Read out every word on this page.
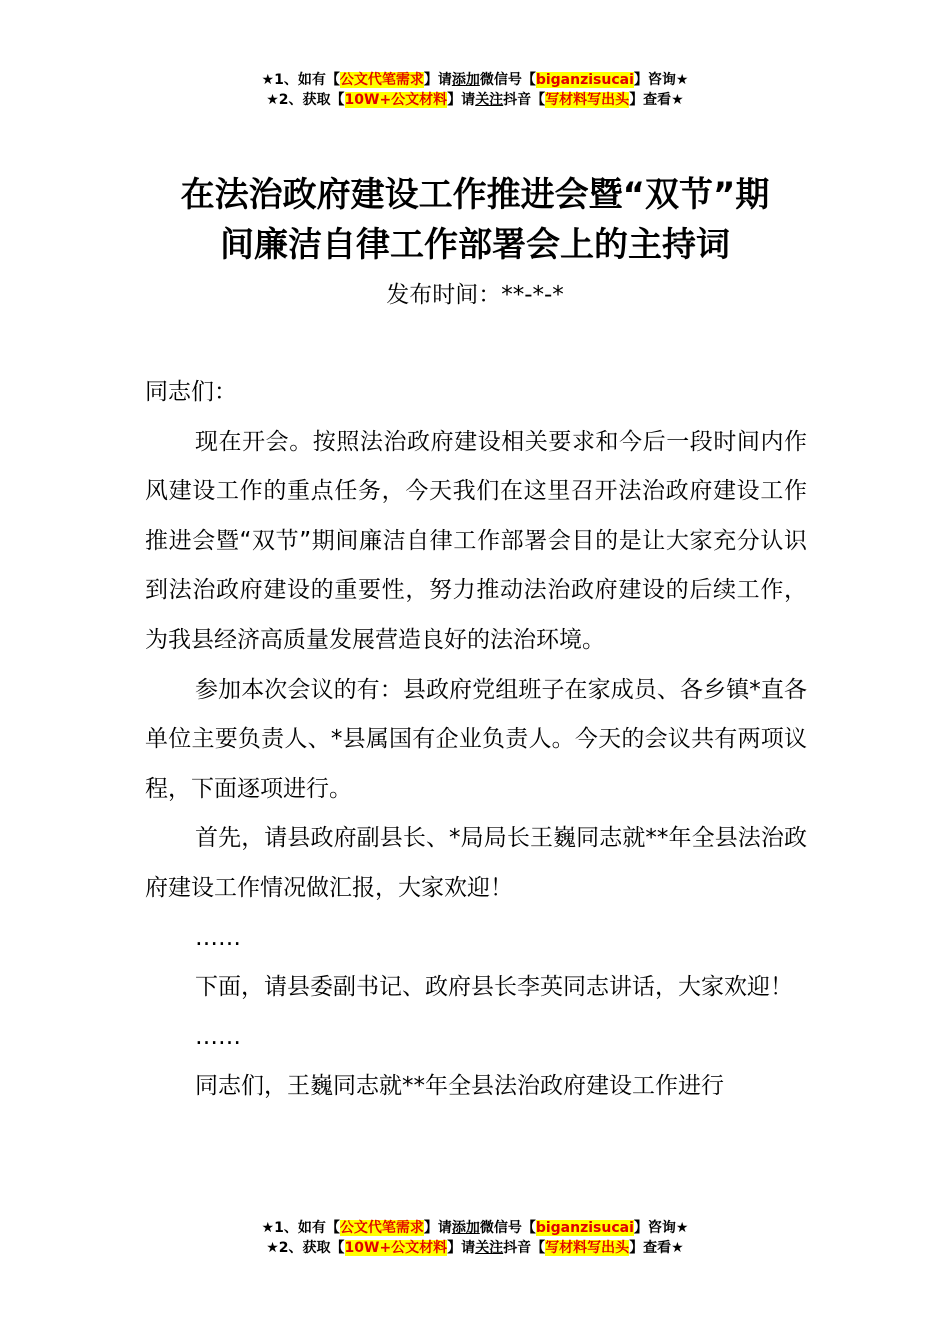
★1、如有【公文代笔需求】请添加微信号【biganzisucai】咨询★
★2、获取【10W+公文材料】请关注抖音【写材料写出头】查看★
在法治政府建设工作推进会暨“双节”期
间廉洁自律工作部署会上的主持词
发布时间：**-*-*

同志们：

现在开会。按照法治政府建设相关要求和今后一段时间内作风建设工作的重点任务，今天我们在这里召开法治政府建设工作推进会暨“双节”期间廉洁自律工作部署会目的是让大家充分认识到法治政府建设的重要性，努力推动法治政府建设的后续工作，为我县经济高质量发展营造良好的法治环境。

参加本次会议的有：县政府党组班子在家成员、各乡镇*直各单位主要负责人、*县属国有企业负责人。今天的会议共有两项议程，下面逐项进行。

首先，请县政府副县长、*局局长王巍同志就**年全县法治政府建设工作情况做汇报，大家欢迎！

……

下面，请县委副书记、政府县长李英同志讲话，大家欢迎！

……

同志们，王巍同志就**年全县法治政府建设工作进行

★1、如有【公文代笔需求】请添加微信号【biganzisucai】咨询★
★2、获取【10W+公文材料】请关注抖音【写材料写出头】查看★
